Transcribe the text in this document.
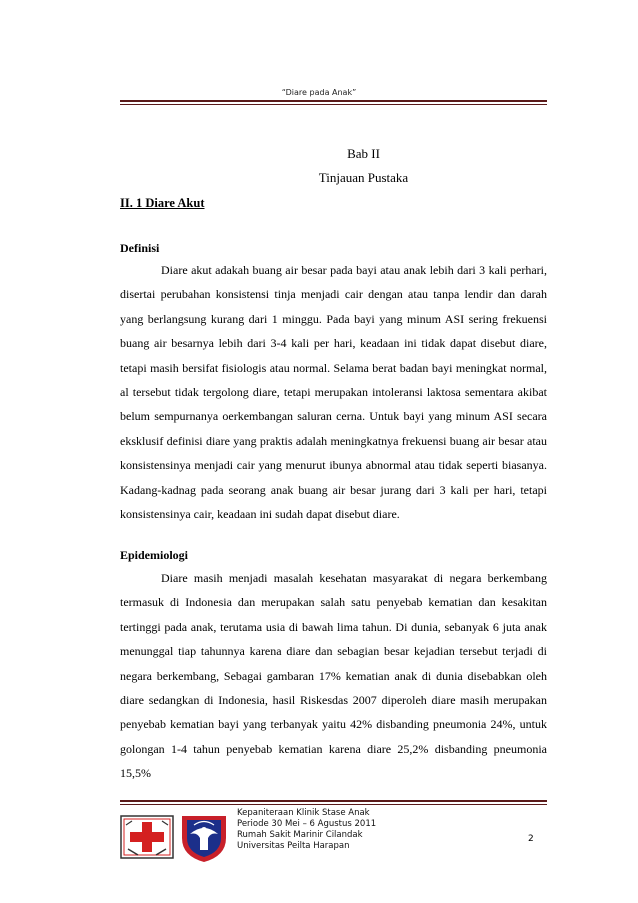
“Diare pada Anak”
Bab II
Tinjauan Pustaka
II. 1 Diare Akut
Definisi

Diare akut adakah buang air besar pada bayi atau anak lebih dari 3 kali perhari, disertai perubahan konsistensi tinja menjadi cair dengan atau tanpa lendir dan darah yang berlangsung kurang dari 1 minggu. Pada bayi yang minum ASI sering frekuensi buang air besarnya lebih dari 3-4 kali per hari, keadaan ini tidak dapat disebut diare, tetapi masih bersifat fisiologis atau normal. Selama berat badan bayi meningkat normal, al tersebut tidak tergolong diare, tetapi merupakan intoleransi laktosa sementara akibat belum sempurnanya oerkembangan saluran cerna. Untuk bayi yang minum ASI secara eksklusif definisi diare yang praktis adalah meningkatnya frekuensi buang air besar atau konsistensinya menjadi cair yang menurut ibunya abnormal atau tidak seperti biasanya. Kadang-kadnag pada seorang anak buang air besar jurang dari 3 kali per hari, tetapi konsistensinya cair, keadaan ini sudah dapat disebut diare.

Epidemiologi

Diare masih menjadi masalah kesehatan masyarakat di negara berkembang termasuk di Indonesia dan merupakan salah satu penyebab kematian dan kesakitan tertinggi pada anak, terutama usia di bawah lima tahun. Di dunia, sebanyak 6 juta anak menunggal tiap tahunnya karena diare dan sebagian besar kejadian tersebut terjadi di negara berkembang, Sebagai gambaran 17% kematian anak di dunia disebabkan oleh diare sedangkan di Indonesia, hasil Riskesdas 2007 diperoleh diare masih merupakan penyebab kematian bayi yang terbanyak yaitu 42% disbanding pneumonia 24%, untuk golongan 1-4 tahun penyebab kematian karena diare 25,2% disbanding pneumonia 15,5%

Kepaniteraan Klinik Stase Anak
Periode 30 Mei – 6 Agustus 2011
Rumah Sakit Marinir Cilandak
Universitas Peilta Harapan
2
